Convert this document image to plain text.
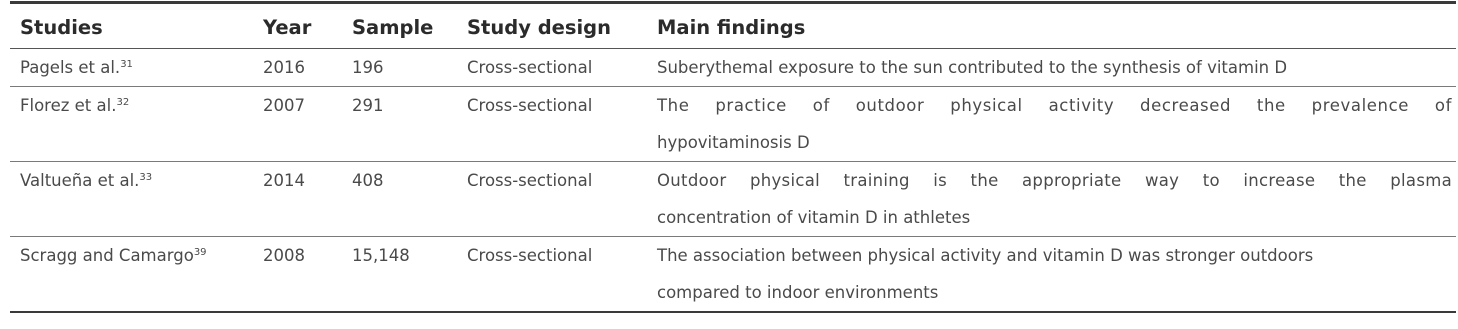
Studies	Year	Sample	Study design	Main findings
Pagels et al.$^{31}$	2016	196	Cross-sectional	Suberythemal exposure to the sun contributed to the synthesis of vitamin D

Florez et al.$^{32}$	2007	291	Cross-sectional	The practice of outdoor physical activity decreased the prevalence of
hypovitaminosis D

Valtueña et al.$^{33}$	2014	408	Cross-sectional	Outdoor physical training is the appropriate way to increase the plasma
concentration of vitamin D in athletes

Scragg and Camargo$^{39}$	2008	15,148	Cross-sectional	The association between physical activity and vitamin D was stronger outdoors
compared to indoor environments
